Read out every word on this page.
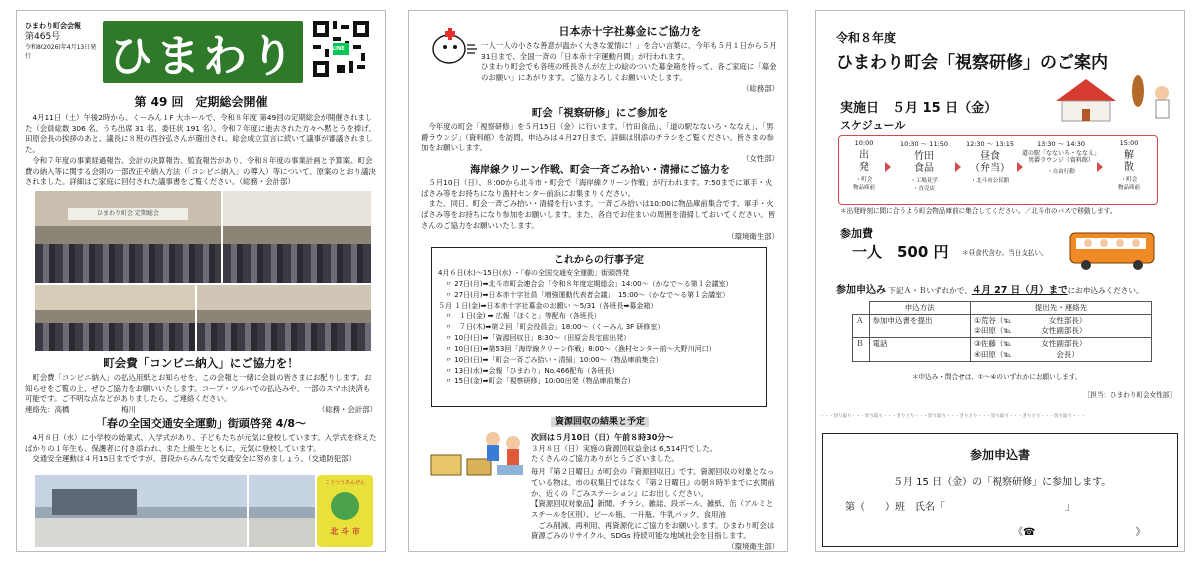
ひまわり町会会報
第465号
令和8(2026)年4月13日発行	ひまわり	LINE

第 49 回　定期総会開催

　4月11日（土）午後2時から、くーみん１F 大ホールで、令和８年度 第49回の定期総会が開催されました（会員総数 306 名、うち出席 31 名、委任状 191 名）。令和７年度に逝去された方々へ黙とうを捧げ、田原会長の挨拶のあと、議長に８班の西谷弘さんが選出され、総会成立宣言に続いて議事が審議されました。
　令和７年度の事業経過報告、会計の決算報告、監査報告があり、令和８年度の事業計画と予算案、町会費の納入等に関する会則の一部改正や納入方法（「コンビニ納入」の導入）等について、原案のとおり議決されました。詳細はご家庭に回付された議事書をご覧ください。（総務・会計部）

ひまわり町会 定期総会

町会費「コンビニ納入」にご協力を！

　町会費「コンビニ納入」の払込用紙とお知らせを、この会報と一緒に会員の皆さまにお配りします。お知らせをご覧の上、ぜひご協力をお願いいたします。コープ・ツルハでの払込みや、一部のスマホ決済も可能です。ご不明な点などがありましたら、ご連絡ください。

連絡先：高橋　　　　　　　梅川	（総務・会計部）

「春の全国交通安全運動」街頭啓発 4/8～

　4月８日（水）に小学校の始業式、入学式があり、子どもたちが元気に登校しています。入学式を終えたばかりの１年生も、保護者に付き添われ、また上級生とともに、元気に登校しています。
　交通安全運動は４月15日までですが、普段からみんなで交通安全に努めましょう。（交通防犯部）

こうつうあんぜん
北 斗 市

日本赤十字社募金にご協力を

一人一人の小さな善意が温かく大きな愛情に！」を合い言葉に、今年も５月１日から５月31日まで、全国一斉の「日本赤十字運動月間」が行われます。
ひまわり町会でも各班の班長さんが左上の絵のついた募金箱を持って、各ご家庭に「募金のお願い」にあがります。ご協力よろしくお願いいたします。

（総務部）

町会「視察研修」にご参加を

　今年度の町会「視察研修」を５月15日（金）に行います。「竹田食品」、「道の駅なないろ・ななえ」、「男爵ラウンジ」（資料館）を訪問。申込みは４月27日まで。詳細は別添のチラシをご覧ください。皆さまの参加をお願いします。

（女性部）

海岸線クリーン作戦、町会一斉ごみ拾い・清掃にご協力を

　５月10日（日）、８:00から北斗市・町会で「海岸線クリーン作戦」が行われます。7:50までに軍手・火ばさみ等をお持ちになり漁村センター前浜にお集まりください。
　また、同日、町会一斉ごみ拾い・清掃を行います。一斉ごみ拾いは10:00に物品庫前集合です。軍手・火ばさみ等をお持ちになり参加をお願いします。また、各自でお住まいの周囲を清掃しておいてください。皆さんのご協力をお願いいたします。

（環境衛生部）

これからの行事予定

4月６日(水)～15日(水) ・「春の全国交通安全運動」街頭啓発
　〃 27日(月)➡北斗市町会連合会「令和８年度定期総会」14:00～（かなで～る第１会議室）
　〃 27日(月)➡日本赤十字社員「増強運動代表者会議」　15:00～（かなで～る第１会議室）
５月 １日(金)➡日本赤十字社募金のお願い ～5/31（各班長➡募金箱）
　〃　１日(金) ➡ 広報「ほくと」等配布（各班長）
　〃　７日(木)➡第２回「町会役員会」18:00～（くーみん 3F 研修室）
　〃 10日(日)➡「資源回収日」8:30～（田原会長宅前出発）
　〃 10日(日)➡第53回「海岸線クリーン作戦」8:00～（漁村センター前～大野川河口）
　〃 10日(日)➡「町会一斉ごみ拾い・清掃」10:00～（物品庫前集合）
　〃 13日(水)➡会報「ひまわり」No.466配布（各班長）
　〃 15日(金)➡町会「視察研修」10:00出発（物品庫前集合）
資源回収の結果と予定

次回は５月10日（日）午前８時30分～

３月８日（日）実施の資源回収益金は 6,514円でした。

たくさんのご協力ありがとうございました。

毎月『第２日曜日』が町会の『資源回収日』です。資源回収の対象となっている物は、市の収集日ではなく『第２日曜日』の朝８時半までに玄関前か、近くの『ごみステーション』にお出しください。
【資源回収対象品】新聞、チラシ、雑誌、段ボール、雑紙、缶（アルミとスチールを区別）、ビール瓶、一升瓶、牛乳パック、食用油
　ごみ削減、再利用、再資源化にご協力をお願いします。ひまわり町会は資源ごみのリサイクル、SDGs 持続可能な地域社会を目指します。

（環境衛生部）

令和８年度
ひまわり町会「視察研修」のご案内
実施日　５月 15 日（金）
スケジュール
10:00
出
発
・町会
物品庫前
10:30 ～ 11:50
竹田
食品
・工場見学
・直売店
12:30 ～ 13:15
昼食
（弁当）
・北斗市公民館
13:30 ～ 14:30
道の駅「なないろ・ななえ」
男爵ラウンジ（資料館）
・自由行動
15:00
解
散
・町会
物品庫前

＊出発時刻に間に合うよう町会物品庫前に集合してください。／北斗市のバスで移動します。

参加費
一人　500 円 ＊昼食代含む。当日支払い。
参加申込み 下記Ａ・Ｂいずれかで、４月 27 日（月）までにお申込みください。
	申込方法	提出先・連絡先
Ａ	参加申込書を提出	①荒谷（℡　　　　　女性部長）
②田原（℡　　　　女性副部長）
Ｂ	電話	③佐藤（℡　　　　女性副部長）
④田原（℡　　　　　　会長）
＊申込み・問合せは、①～④のいずれかにお願いします。
［担当：ひまわり町会女性部］
・・・切り取り・・・切り取り・・・きりとり・・・切り取り・・・きりとり・・・切り取り・・・きりとり・・・切り取り・・・
参加申込書
５月 15 日（金）の「視察研修」に参加します。
第（　　）班　氏名「　　　　　　　　　　　　」
《☎　　　　　　　　　　》
